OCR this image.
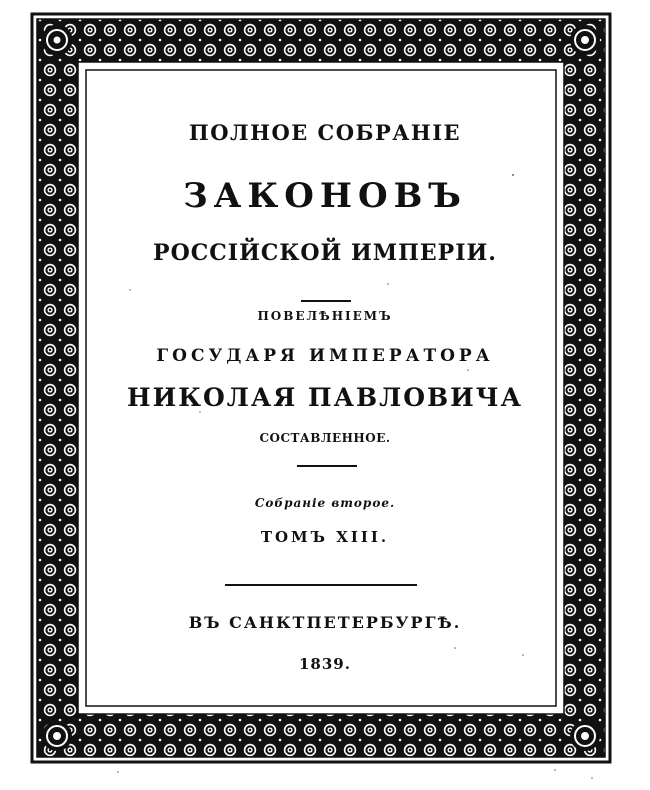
ПОЛНОЕ СОБРАНІЕ
ЗАКОНОВЪ
РОССІЙСКОЙ ИМПЕРІИ.
ПОВЕЛѢНІЕМЪ
ГОСУДАРЯ ИМПЕРАТОРА
НИКОЛАЯ ПАВЛОВИЧА
СОСТАВЛЕННОЕ.
Собраніе второе.
ТОМЪ XIII.
ВЪ САНКТПЕТЕРБУРГѢ.
1839.
